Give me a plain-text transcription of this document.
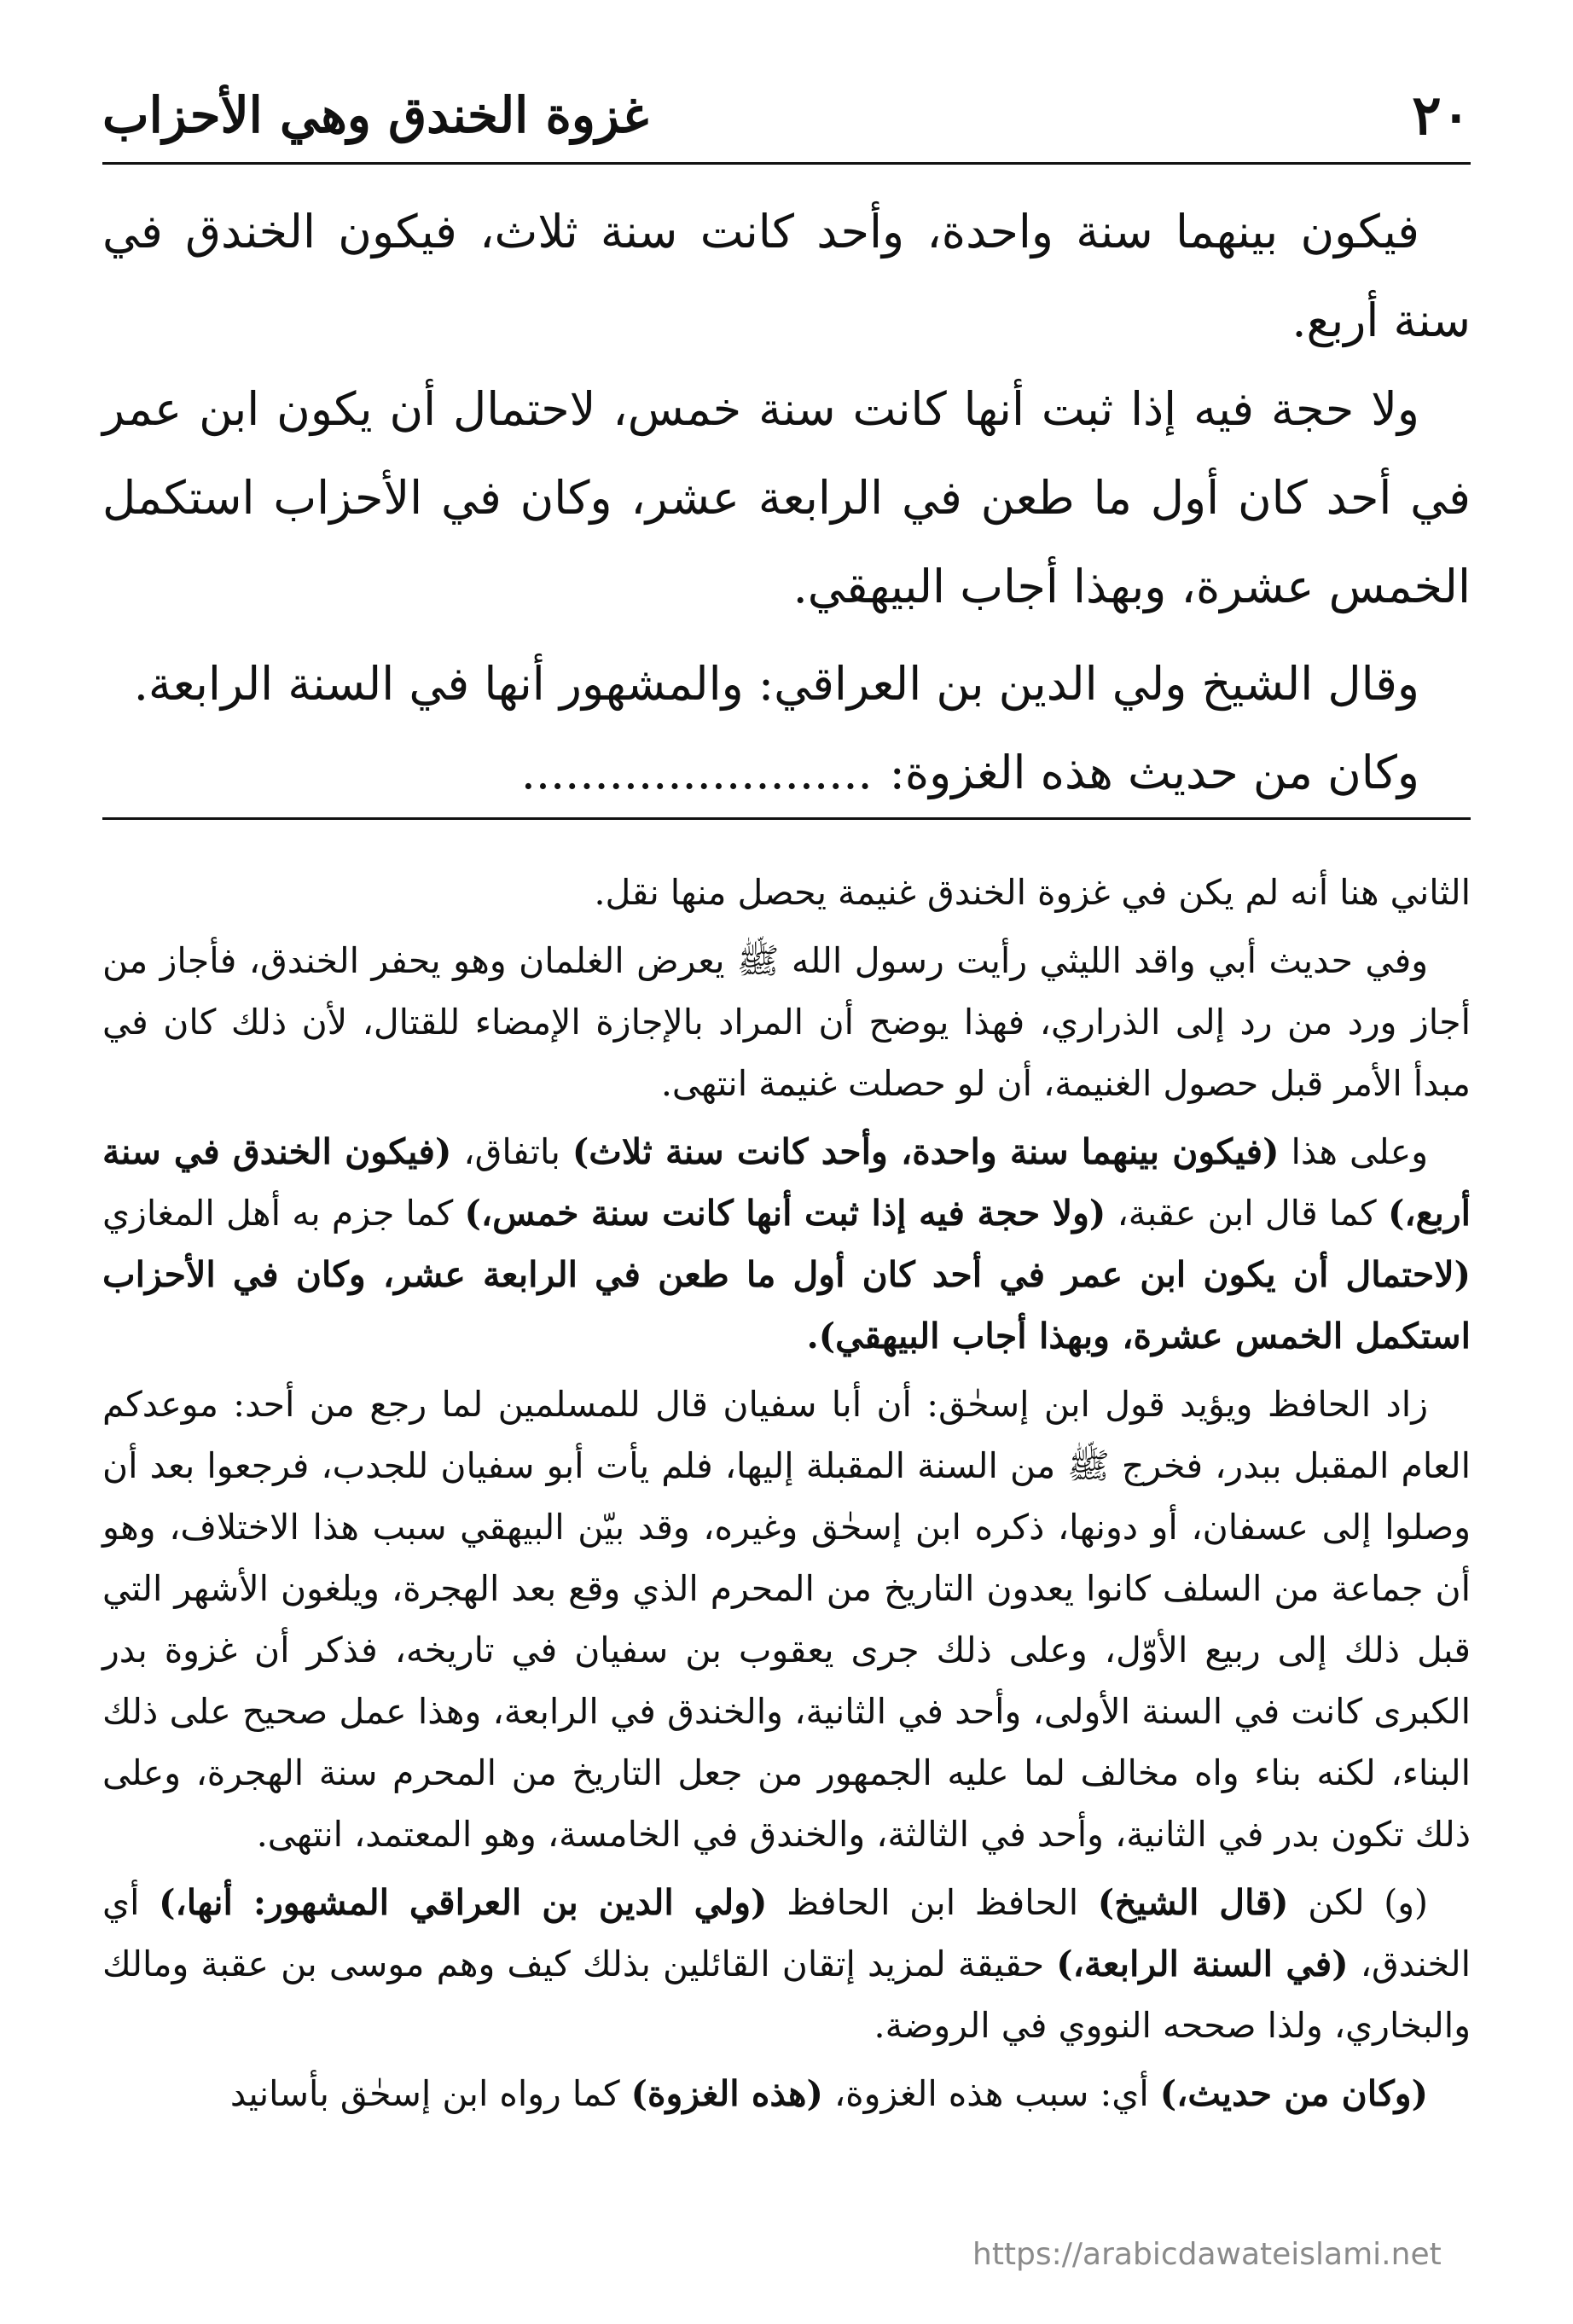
٢٠
غزوة الخندق وهي الأحزاب

فيكون بينهما سنة واحدة، وأحد كانت سنة ثلاث، فيكون الخندق في سنة أربع.

ولا حجة فيه إذا ثبت أنها كانت سنة خمس، لاحتمال أن يكون ابن عمر في أحد كان أول ما طعن في الرابعة عشر، وكان في الأحزاب استكمل الخمس عشرة، وبهذا أجاب البيهقي.

وقال الشيخ ولي الدين بن العراقي: والمشهور أنها في السنة الرابعة.

وكان من حديث هذه الغزوة:........................

الثاني هنا أنه لم يكن في غزوة الخندق غنيمة يحصل منها نقل.

وفي حديث أبي واقد الليثي رأيت رسول الله ﷺ يعرض الغلمان وهو يحفر الخندق، فأجاز من أجاز ورد من رد إلى الذراري، فهذا يوضح أن المراد بالإجازة الإمضاء للقتال، لأن ذلك كان في مبدأ الأمر قبل حصول الغنيمة، أن لو حصلت غنيمة انتهى.

وعلى هذا (فيكون بينهما سنة واحدة، وأحد كانت سنة ثلاث) باتفاق، (فيكون الخندق في سنة أربع،) كما قال ابن عقبة، (ولا حجة فيه إذا ثبت أنها كانت سنة خمس،) كما جزم به أهل المغازي (لاحتمال أن يكون ابن عمر في أحد كان أول ما طعن في الرابعة عشر، وكان في الأحزاب استكمل الخمس عشرة، وبهذا أجاب البيهقي).

زاد الحافظ ويؤيد قول ابن إسحٰق: أن أبا سفيان قال للمسلمين لما رجع من أحد: موعدكم العام المقبل ببدر، فخرج ﷺ من السنة المقبلة إليها، فلم يأت أبو سفيان للجدب، فرجعوا بعد أن وصلوا إلى عسفان، أو دونها، ذكره ابن إسحٰق وغيره، وقد بيّن البيهقي سبب هذا الاختلاف، وهو أن جماعة من السلف كانوا يعدون التاريخ من المحرم الذي وقع بعد الهجرة، ويلغون الأشهر التي قبل ذلك إلى ربيع الأوّل، وعلى ذلك جرى يعقوب بن سفيان في تاريخه، فذكر أن غزوة بدر الكبرى كانت في السنة الأولى، وأحد في الثانية، والخندق في الرابعة، وهذا عمل صحيح على ذلك البناء، لكنه بناء واه مخالف لما عليه الجمهور من جعل التاريخ من المحرم سنة الهجرة، وعلى ذلك تكون بدر في الثانية، وأحد في الثالثة، والخندق في الخامسة، وهو المعتمد، انتهى.

(و) لكن (قال الشيخ) الحافظ ابن الحافظ (ولي الدين بن العراقي المشهور: أنها،) أي الخندق، (في السنة الرابعة،) حقيقة لمزيد إتقان القائلين بذلك كيف وهم موسى بن عقبة ومالك والبخاري، ولذا صححه النووي في الروضة.

(وكان من حديث،) أي: سبب هذه الغزوة، (هذه الغزوة) كما رواه ابن إسحٰق بأسانيد

https://arabicdawateislami.net
